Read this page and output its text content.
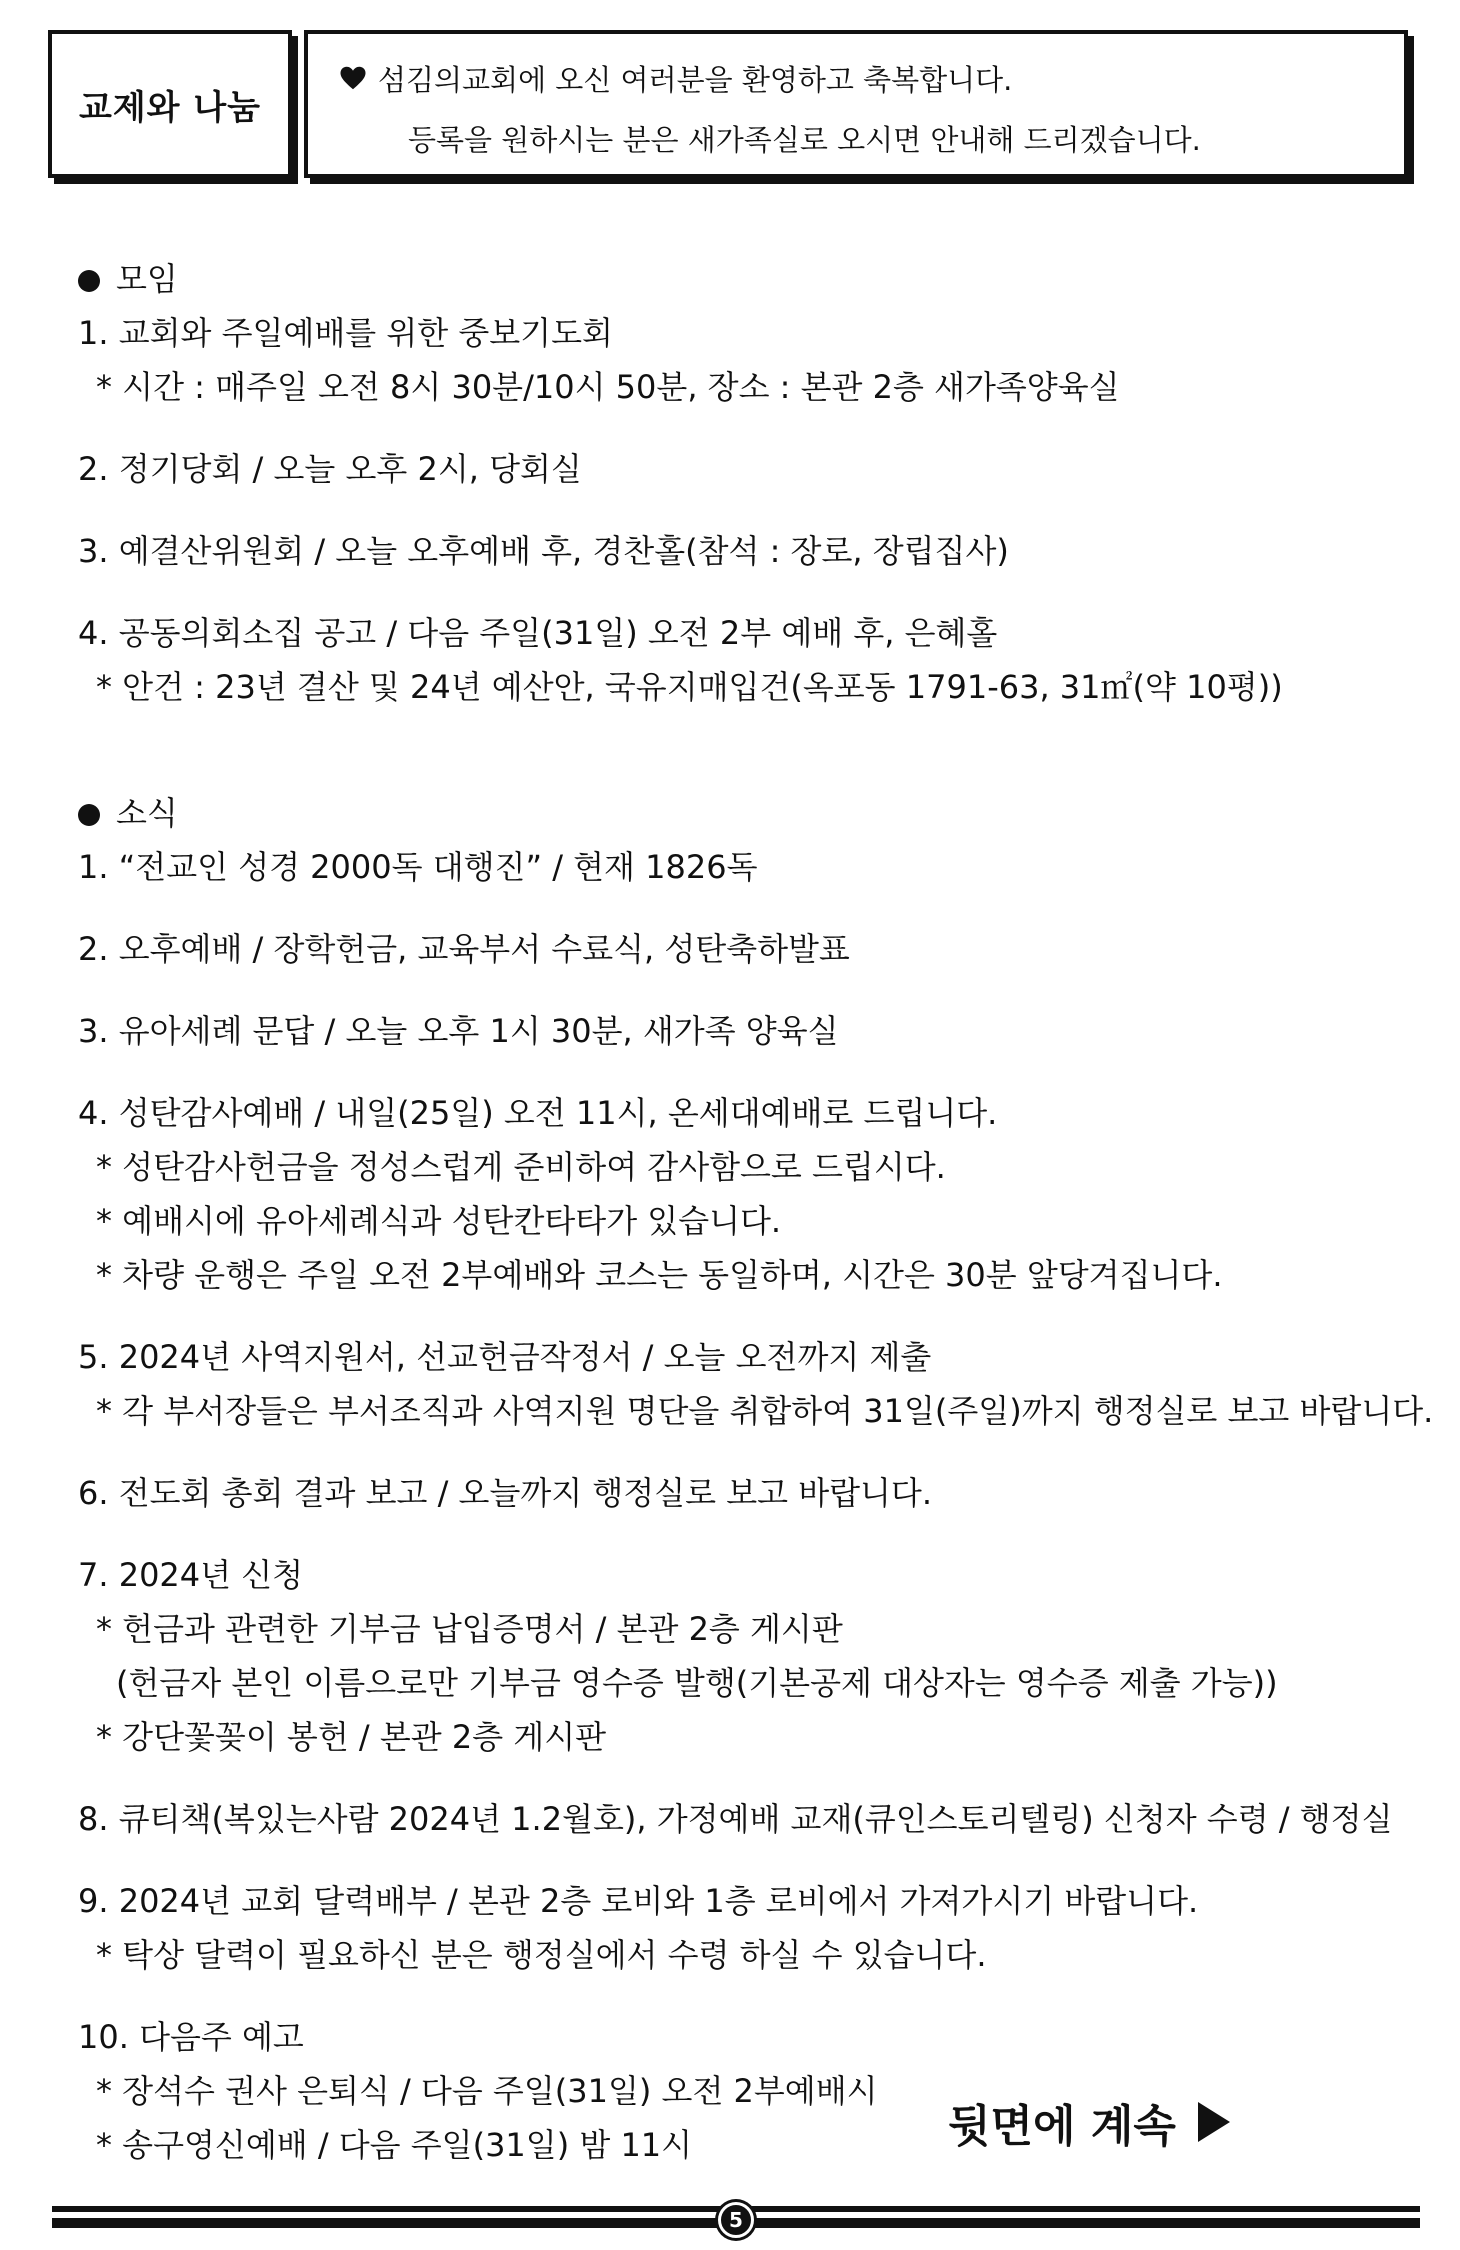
교제와 나눔
섬김의교회에 오신 여러분을 환영하고 축복합니다.
등록을 원하시는 분은 새가족실로 오시면 안내해 드리겠습니다.
모임
1. 교회와 주일예배를 위한 중보기도회
* 시간 : 매주일 오전 8시 30분/10시 50분, 장소 : 본관 2층 새가족양육실
2. 정기당회 / 오늘 오후 2시, 당회실
3. 예결산위원회 / 오늘 오후예배 후, 경찬홀(참석 : 장로, 장립집사)
4. 공동의회소집 공고 / 다음 주일(31일) 오전 2부 예배 후, 은혜홀
* 안건 : 23년 결산 및 24년 예산안, 국유지매입건(옥포동 1791-63, 31㎡(약 10평))
소식
1. “전교인 성경 2000독 대행진” / 현재 1826독
2. 오후예배 / 장학헌금, 교육부서 수료식, 성탄축하발표
3. 유아세례 문답 / 오늘 오후 1시 30분, 새가족 양육실
4. 성탄감사예배 / 내일(25일) 오전 11시, 온세대예배로 드립니다.
* 성탄감사헌금을 정성스럽게 준비하여 감사함으로 드립시다.
* 예배시에 유아세례식과 성탄칸타타가 있습니다.
* 차량 운행은 주일 오전 2부예배와 코스는 동일하며, 시간은 30분 앞당겨집니다.
5. 2024년 사역지원서, 선교헌금작정서 / 오늘 오전까지 제출
* 각 부서장들은 부서조직과 사역지원 명단을 취합하여 31일(주일)까지 행정실로 보고 바랍니다.
6. 전도회 총회 결과 보고 / 오늘까지 행정실로 보고 바랍니다.
7. 2024년 신청
* 헌금과 관련한 기부금 납입증명서 / 본관 2층 게시판
(헌금자 본인 이름으로만 기부금 영수증 발행(기본공제 대상자는 영수증 제출 가능))
* 강단꽃꽂이 봉헌 / 본관 2층 게시판
8. 큐티책(복있는사람 2024년 1.2월호), 가정예배 교재(큐인스토리텔링) 신청자 수령 / 행정실
9. 2024년 교회 달력배부 / 본관 2층 로비와 1층 로비에서 가져가시기 바랍니다.
* 탁상 달력이 필요하신 분은 행정실에서 수령 하실 수 있습니다.
10. 다음주 예고
* 장석수 권사 은퇴식 / 다음 주일(31일) 오전 2부예배시
* 송구영신예배 / 다음 주일(31일) 밤 11시	뒷면에 계속
5
